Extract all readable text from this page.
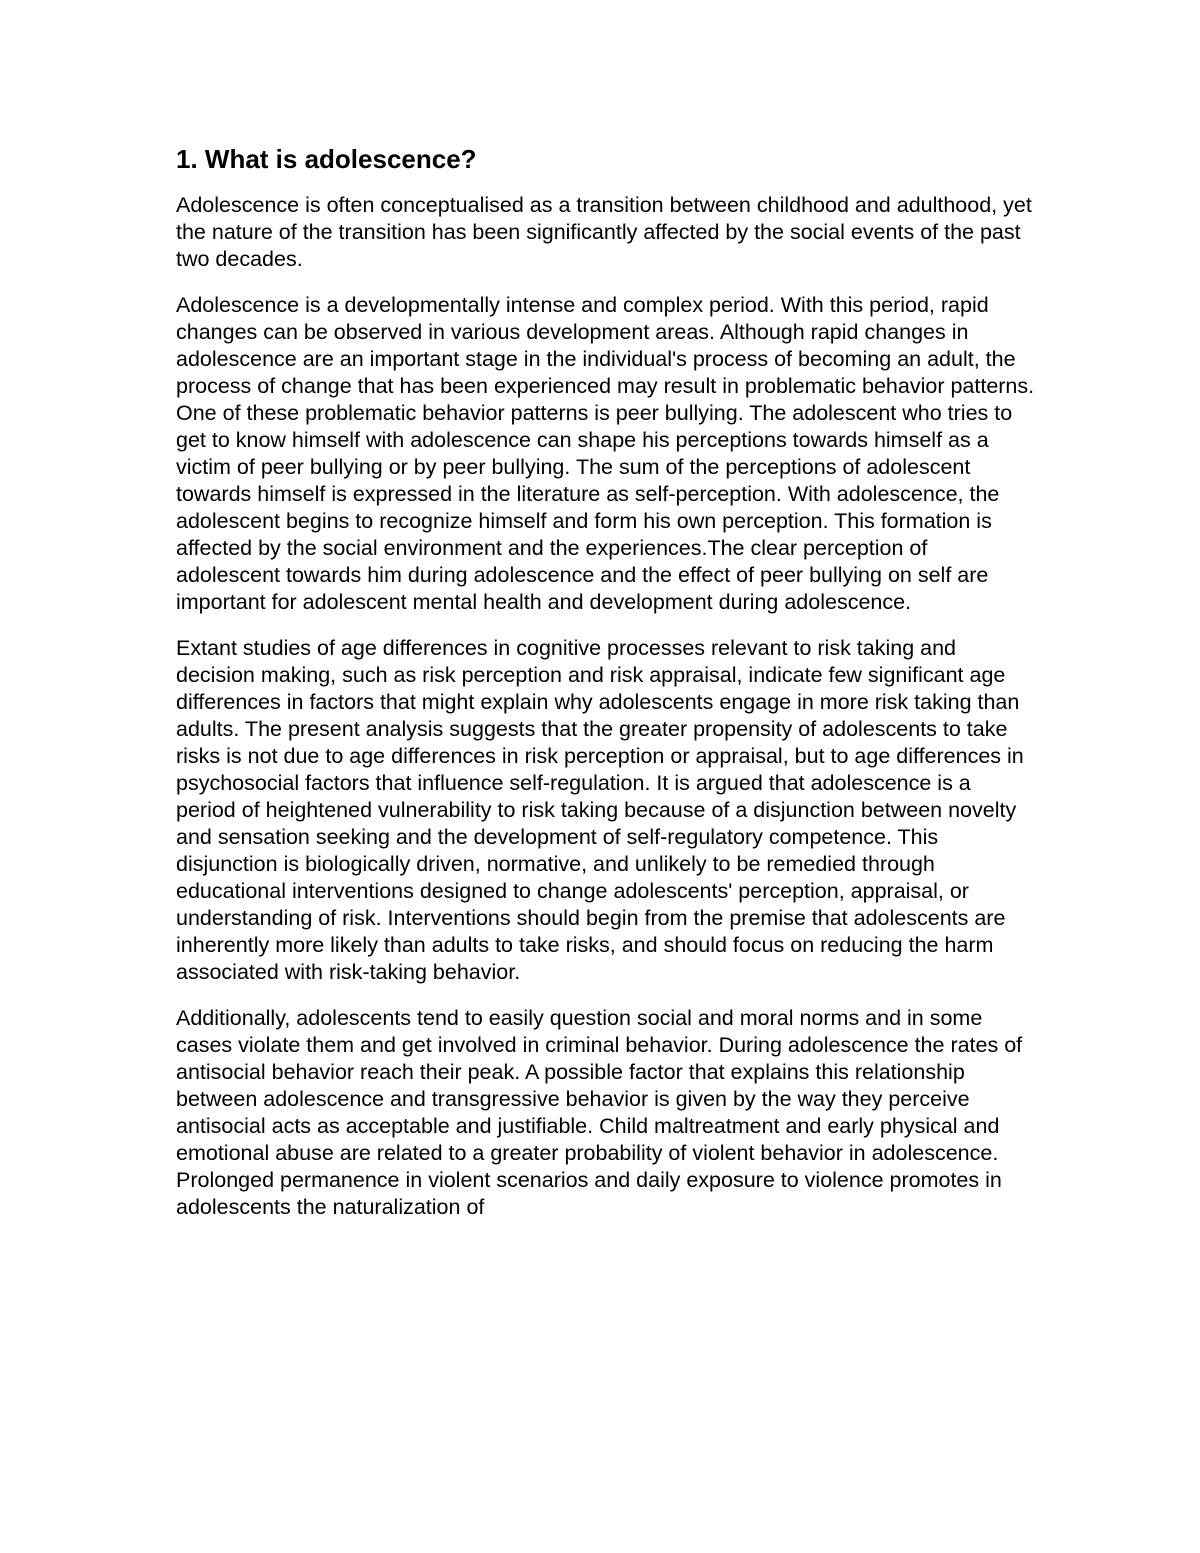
1. What is adolescence?

Adolescence is often conceptualised as a transition between childhood and adulthood, yet the nature of the transition has been significantly affected by the social events of the past two decades.

Adolescence is a developmentally intense and complex period. With this period, rapid changes can be observed in various development areas. Although rapid changes in adolescence are an important stage in the individual's process of becoming an adult, the process of change that has been experienced may result in problematic behavior patterns. One of these problematic behavior patterns is peer bullying. The adolescent who tries to get to know himself with adolescence can shape his perceptions towards himself as a victim of peer bullying or by peer bullying. The sum of the perceptions of adolescent towards himself is expressed in the literature as self-perception. With adolescence, the adolescent begins to recognize himself and form his own perception. This formation is affected by the social environment and the experiences.The clear perception of adolescent towards him during adolescence and the effect of peer bullying on self are important for adolescent mental health and development during adolescence.

Extant studies of age differences in cognitive processes relevant to risk taking and decision making, such as risk perception and risk appraisal, indicate few significant age differences in factors that might explain why adolescents engage in more risk taking than adults. The present analysis suggests that the greater propensity of adolescents to take risks is not due to age differences in risk perception or appraisal, but to age differences in psychosocial factors that influence self-regulation. It is argued that adolescence is a period of heightened vulnerability to risk taking because of a disjunction between novelty and sensation seeking and the development of self-regulatory competence. This disjunction is biologically driven, normative, and unlikely to be remedied through educational interventions designed to change adolescents' perception, appraisal, or understanding of risk. Interventions should begin from the premise that adolescents are inherently more likely than adults to take risks, and should focus on reducing the harm associated with risk-taking behavior.

Additionally, adolescents tend to easily question social and moral norms and in some cases violate them and get involved in criminal behavior. During adolescence the rates of antisocial behavior reach their peak. A possible factor that explains this relationship between adolescence and transgressive behavior is given by the way they perceive antisocial acts as acceptable and justifiable. Child maltreatment and early physical and emotional abuse are related to a greater probability of violent behavior in adolescence. Prolonged permanence in violent scenarios and daily exposure to violence promotes in adolescents the naturalization of
